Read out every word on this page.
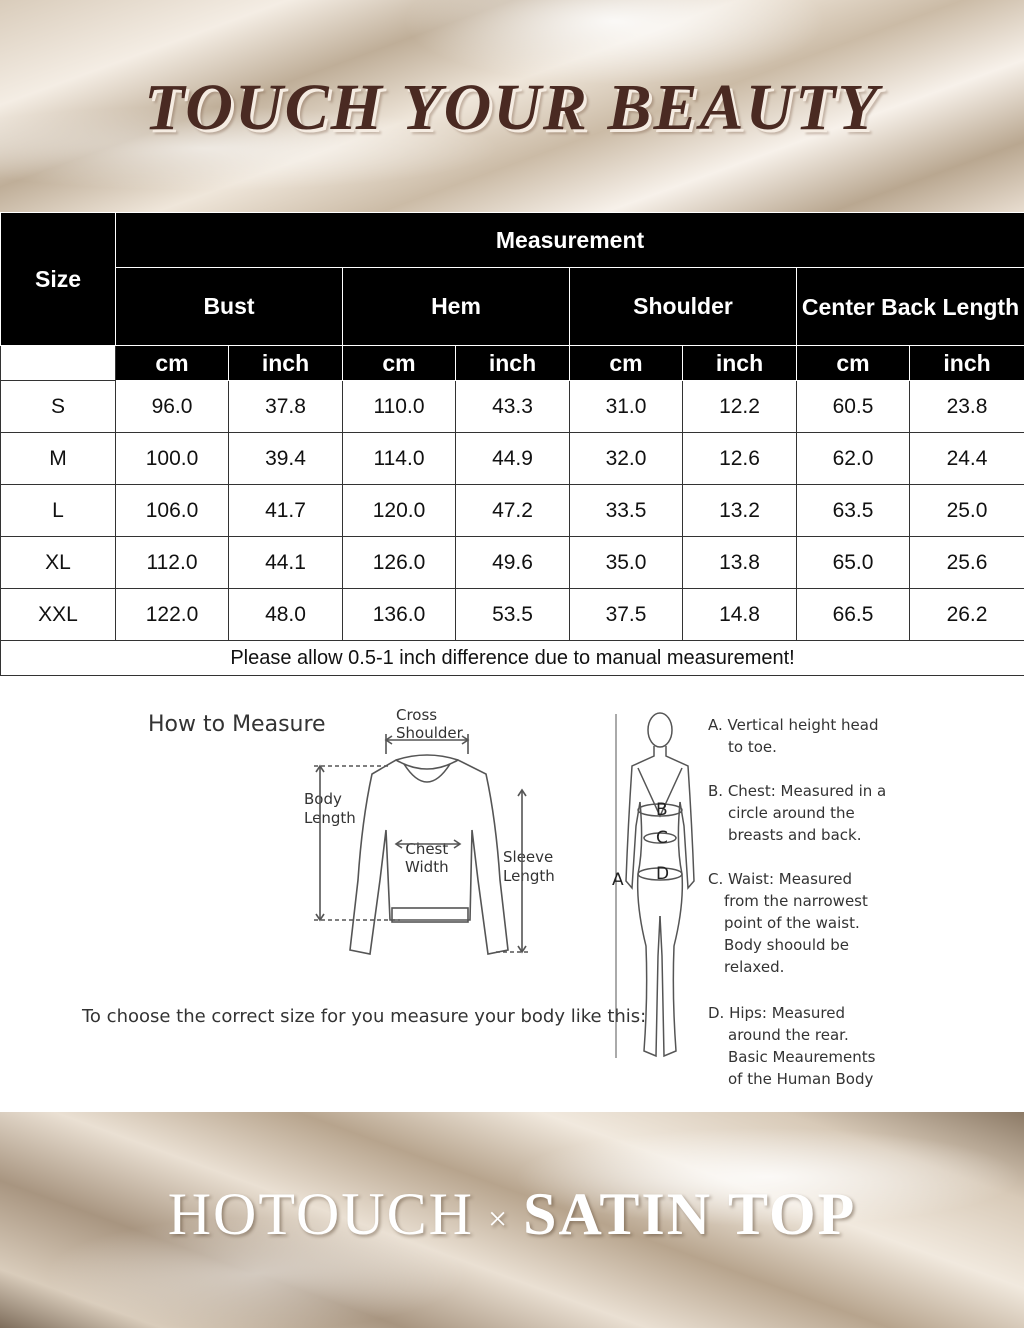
TOUCH YOUR BEAUTY
Size	Measurement							
	Bust		Hem		Shoulder		Center Back Length	
	cm	inch	cm	inch	cm	inch	cm	inch
S	96.0	37.8	110.0	43.3	31.0	12.2	60.5	23.8
M	100.0	39.4	114.0	44.9	32.0	12.6	62.0	24.4
L	106.0	41.7	120.0	47.2	33.5	13.2	63.5	25.0
XL	112.0	44.1	126.0	49.6	35.0	13.8	65.0	25.6
XXL	122.0	48.0	136.0	53.5	37.5	14.8	66.5	26.2
Please allow 0.5-1 inch difference due to manual measurement!								
How to Measure	Cross
Shoulder
Body
Length
Chest
Width
Sleeve
Length
To choose the correct size for you measure your body like this:
B
C
D
A
A. Vertical height head
to toe.
B. Chest: Measured in a
circle around the
breasts and back.
C. Waist: Measured
from the narrowest
point of the waist.
Body shoould be
relaxed.
D. Hips: Measured
around the rear.
Basic Meaurements
of the Human Body
HOTOUCH × SATIN TOP
